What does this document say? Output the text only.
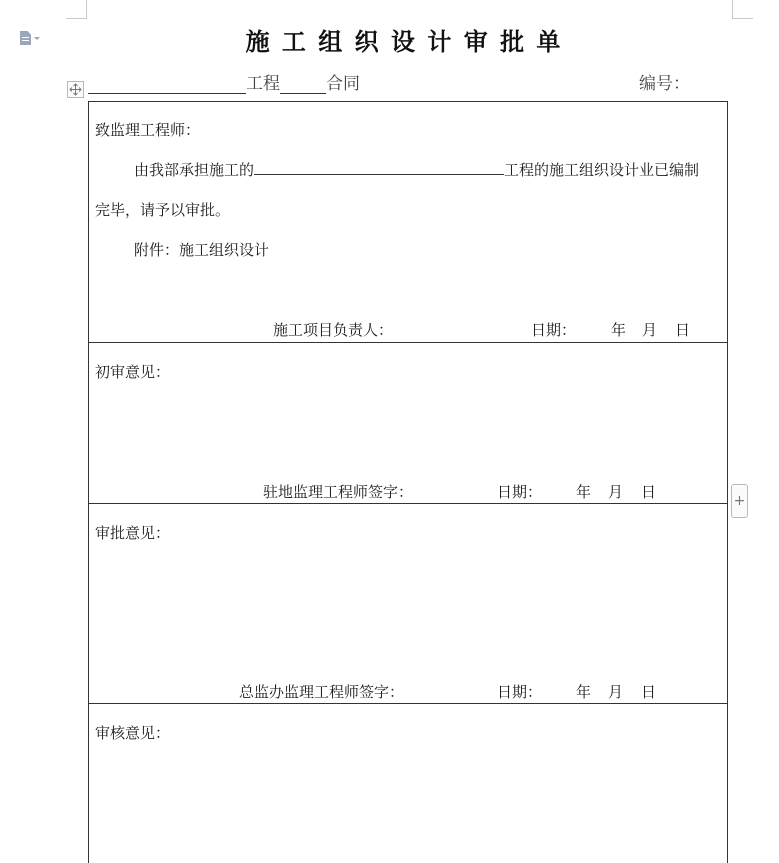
施 工 组 织 设 计 审 批 单
工程	合同	编号：
致监理工程师：
由我部承担施工的	工程的施工组织设计业已编制
完毕，请予以审批。
附件：施工组织设计
施工项目负责人：	日期： 年 月 日
初审意见：
驻地监理工程师签字：	日期： 年 月 日
审批意见：
总监办监理工程师签字：	日期： 年 月 日
审核意见：
+
